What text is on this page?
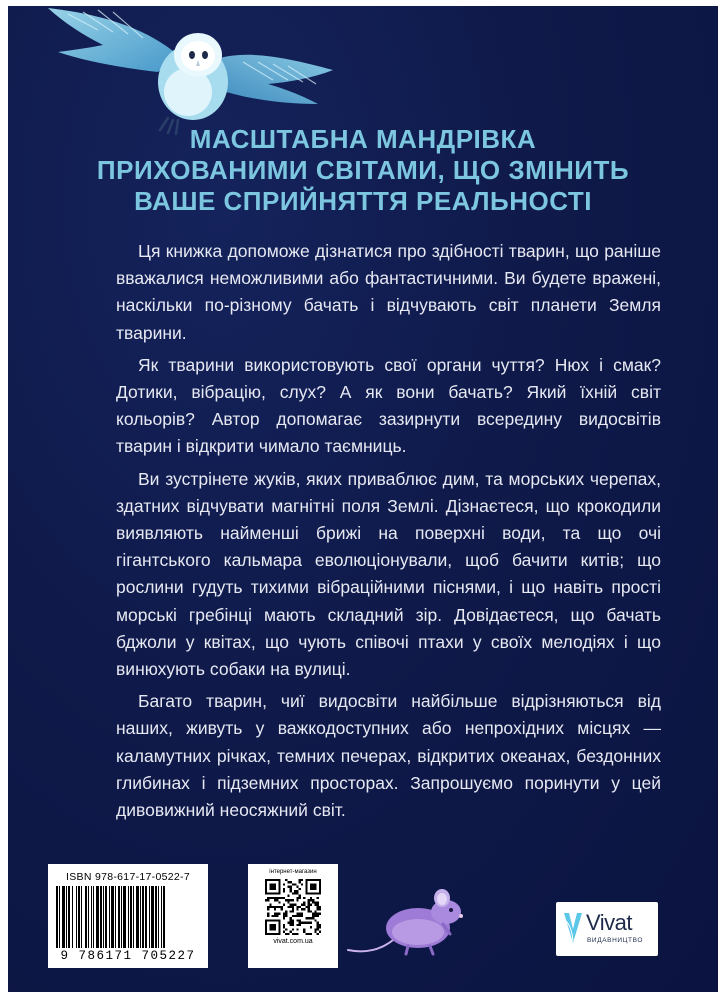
МАСШТАБНА МАНДРІВКА
ПРИХОВАНИМИ СВІТАМИ, ЩО ЗМІНИТЬ
ВАШЕ СПРИЙНЯТТЯ РЕАЛЬНОСТІ

Ця книжка допоможе дізнатися про здібності тварин, що раніше вважалися неможливими або фантастичними. Ви будете вражені, наскільки по-різному бачать і відчувають світ планети Земля тварини.

Як тварини використовують свої органи чуття? Нюх і смак? Дотики, вібрацію, слух? А як вони бачать? Який їхній світ кольорів? Автор допомагає зазирнути всередину видосвітів тварин і відкрити чимало таємниць.

Ви зустрінете жуків, яких приваблює дим, та морських черепах, здатних відчувати магнітні поля Землі. Дізнаєтеся, що крокодили виявляють найменші брижі на поверхні води, та що очі гігантського кальмара еволюціонували, щоб бачити китів; що рослини гудуть тихими вібраційними піснями, і що навіть прості морські гребінці мають складний зір. Довідаєтеся, що бачать бджоли у квітах, що чують співочі птахи у своїх мелодіях і що винюхують собаки на вулиці.

Багато тварин, чиї видосвіти найбільше відрізняються від наших, живуть у важкодоступних або непрохідних місцях — каламутних річках, темних печерах, відкритих океанах, бездонних глибинах і підземних просторах. Запрошуємо поринути у цей дивовижний неосяжний світ.

ISBN 978-617-17-0522-7
9 786171 705227
інтернет-магазин
vivat.com.ua
Vivat
ВИДАВНИЦТВО
